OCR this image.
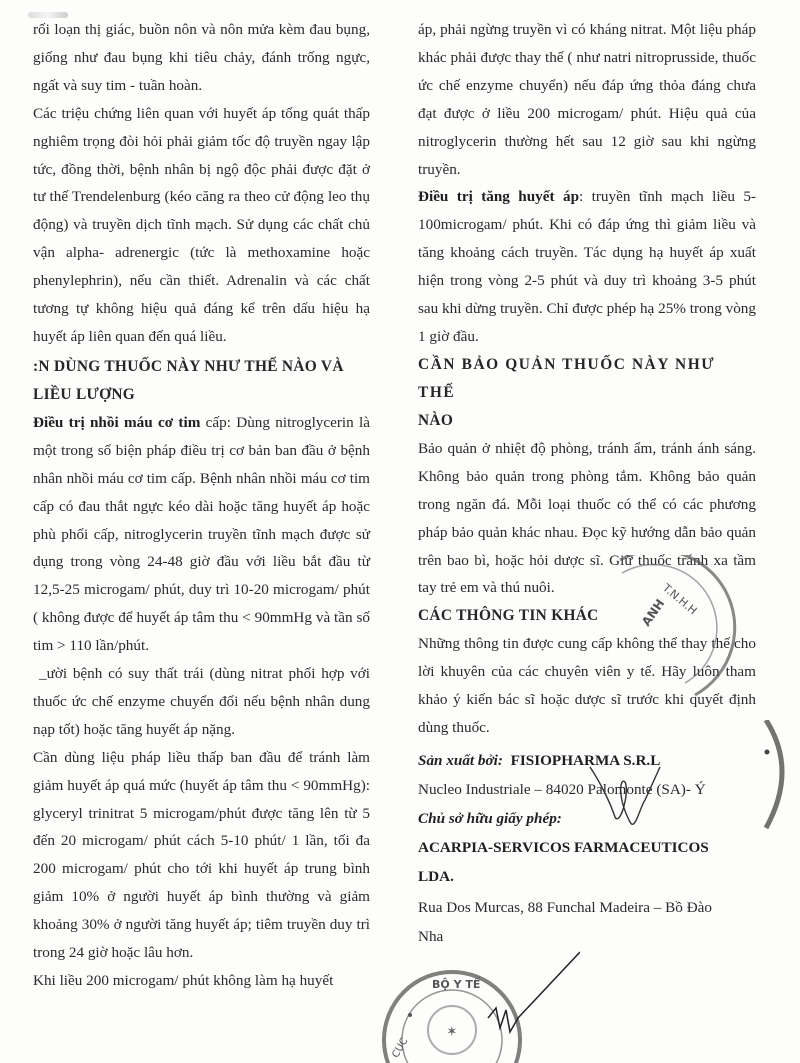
rối loạn thị giác, buồn nôn và nôn mửa kèm đau bụng, giống như đau bụng khi tiêu chảy, đánh trống ngực, ngất và suy tim - tuần hoàn.

Các triệu chứng liên quan với huyết áp tổng quát thấp nghiêm trọng đòi hỏi phải giảm tốc độ truyền ngay lập tức, đồng thời, bệnh nhân bị ngộ độc phải được đặt ở tư thế Trendelenburg (kéo căng ra theo cử động leo thụ động) và truyền dịch tĩnh mạch. Sử dụng các chất chủ vận alpha- adrenergic (tức là methoxamine hoặc phenylephrin), nếu cần thiết. Adrenalin và các chất tương tự không hiệu quả đáng kể trên dấu hiệu hạ huyết áp liên quan đến quá liều.

:N DÙNG THUỐC NÀY NHƯ THẾ NÀO VÀ
LIỀU LƯỢNG

Điều trị nhồi máu cơ tim cấp: Dùng nitroglycerin là một trong số biện pháp điều trị cơ bản ban đầu ở bệnh nhân nhồi máu cơ tim cấp. Bệnh nhân nhồi máu cơ tim cấp có đau thắt ngực kéo dài hoặc tăng huyết áp hoặc phù phổi cấp, nitroglycerin truyền tĩnh mạch được sử dụng trong vòng 24-48 giờ đầu với liều bắt đầu từ 12,5-25 microgam/ phút, duy trì 10-20 microgam/ phút ( không được để huyết áp tâm thu < 90mmHg và tần số tim > 110 lần/phút.

_ười bệnh có suy thất trái (dùng nitrat phối hợp với thuốc ức chế enzyme chuyển đổi nếu bệnh nhân dung nạp tốt) hoặc tăng huyết áp nặng.

Cần dùng liệu pháp liều thấp ban đầu để tránh làm giảm huyết áp quá mức (huyết áp tâm thu < 90mmHg): glyceryl trinitrat 5 microgam/phút được tăng lên từ 5 đến 20 microgam/ phút cách 5-10 phút/ 1 lần, tối đa 200 microgam/ phút cho tới khi huyết áp trung bình giảm 10% ở người huyết áp bình thường và giảm khoảng 30% ở người tăng huyết áp; tiêm truyền duy trì trong 24 giờ hoặc lâu hơn.

Khi liều 200 microgam/ phút không làm hạ huyết

áp, phải ngừng truyền vì có kháng nitrat. Một liệu pháp khác phải được thay thế ( như natri nitroprusside, thuốc ức chế enzyme chuyển) nếu đáp ứng thỏa đáng chưa đạt được ở liều 200 microgam/ phút. Hiệu quả của nitroglycerin thường hết sau 12 giờ sau khi ngừng truyền.

Điều trị tăng huyết áp: truyền tĩnh mạch liều 5-100microgam/ phút. Khi có đáp ứng thì giảm liều và tăng khoảng cách truyền. Tác dụng hạ huyết áp xuất hiện trong vòng 2-5 phút và duy trì khoảng 3-5 phút sau khi dừng truyền. Chỉ được phép hạ 25% trong vòng 1 giờ đầu.

CẦN BẢO QUẢN THUỐC NÀY NHƯ THẾ
NÀO

Bảo quản ở nhiệt độ phòng, tránh ẩm, tránh ánh sáng. Không bảo quản trong phòng tắm. Không bảo quản trong ngăn đá. Mỗi loại thuốc có thể có các phương pháp bảo quản khác nhau. Đọc kỹ hướng dẫn bảo quản trên bao bì, hoặc hỏi dược sĩ. Giữ thuốc tránh xa tầm tay trẻ em và thú nuôi.

CÁC THÔNG TIN KHÁC

Những thông tin được cung cấp không thể thay thế cho lời khuyên của các chuyên viên y tế. Hãy luôn tham khảo ý kiến bác sĩ hoặc dược sĩ trước khi quyết định dùng thuốc.

Sản xuất bởi: FISIOPHARMA S.R.L
Nucleo Industriale – 84020 Palomonte (SA)- Ý
Chủ sở hữu giấy phép:
ACARPIA-SERVICOS FARMACEUTICOS
LDA.
Rua Dos Murcas, 88 Funchal Madeira – Bồ Đào
Nha
T.N.H.H
ANH
BỘ Y TẾ
✶
CỤC
